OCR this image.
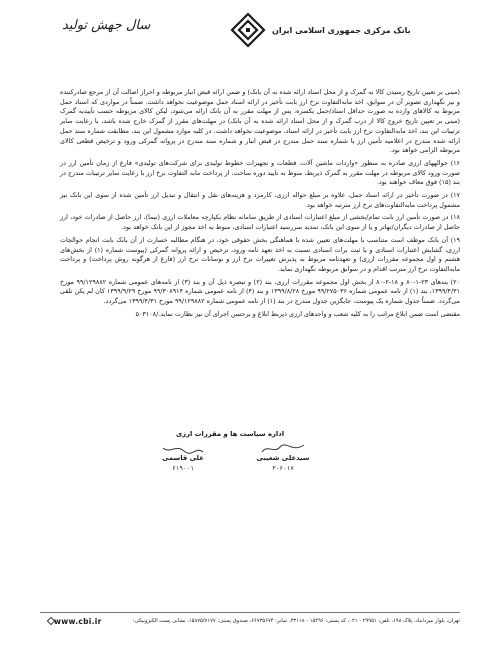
سال جهش تولید	بانک مرکزی جمهوری اسلامی ایران

(مبنی بر تعیین تاریخ رسیدن کالا به گمرک و از محل اسناد ارائه شده به آن بانک) و ضمن ارائه قبض انبار مربوطه و احراز اصالت آن از مرجع صادرکننده و نیز نگهداری تصویر آن در سوابق، اخذ مابه‌التفاوت نرخ ارز بابت تأخیر در ارائه اسناد حمل موضوعیت نخواهد داشت. ضمناً در مواردی که اسناد حمل مربوط به کالاهای وارده به صورت حداقل اسناد/حمل یکسره، پس از مهلت مقرر به آن بانک ارائه می‌شود، لیکن کالای مربوطه حسب تأییدیه گمرک (مبنی بر تعیین تاریخ خروج کالا از درب گمرک و از محل اسناد ارائه شده به آن بانک) در مهلت‌های مقرر از گمرک خارج شده باشد، با رعایت سایر ترتیبات این بند، اخذ مابه‌التفاوت نرخ ارز بابت تأخیر در ارائه اسناد، موضوعیت نخواهد داشت. در کلیه موارد مشمول این بند، مطابقت شماره سند حمل ارائه شده مندرج در اعلامیه تأمین ارز با شماره سند حمل مندرج در قبض انبار و شماره سند مندرج در پروانه گمرکی ورود و ترخیص قطعی کالای مربوطه الزامی خواهد بود.

۱۶) حوالههای ارزی صادره به منظور «واردات ماشین آلات، قطعات و تجهیزات خطوط تولیدی برای شرکت‌های تولیدی» فارغ از زمان تأمین ارز در صورت ورود کالای مربوطه در مهلت مقرر به گمرک ذیربط، منوط به تایید دوره ساخت، از پرداخت مابه التفاوت نرخ ارز با رعایت سایر ترتیبات مندرج در بند (۱۵) فوق معاف خواهند بود.

۱۷) در صورت تأخیر در ارائه اسناد حمل، علاوه بر مبلغ حواله ارزی، کارمزد و هزینه‌های نقل و انتقال و تبدیل ارز تأمین شده از سوی این بانک نیز مشمول پرداخت مابه‌التفاوت‌های نرخ ارز مترتبه خواهد بود.

۱۸) در صورت تأمین ارز بابت تمام/بخشی از مبلغ اعتبارات اسنادی از طریق سامانه نظام یکپارچه معاملات ارزی (نیما)، ارز حاصل از صادرات خود، ارز حاصل از صادرات دیگران/تهاتر و یا از سوی این بانک، تمدید سررسید اعتبارات اسنادی، منوط به اخذ مجوز از این بانک خواهد بود.

۱۹) آن بانک موظف است متناسب با مهلت‌های تعیین شده با هماهنگی بخش حقوقی خود، در هنگام مطالبه خسارت از آن بانک بابت انجام حوالجات ارزی، گشایش اعتبارات اسنادی و یا ثبت برات اسنادی نسبت به اخذ تعهد نامه ورود، ترخیص و ارائه پروانه گمرکی (پیوست شماره (۱) از بخش‌های هشتم و اول مجموعه مقررات ارزی) و تعهدنامه مربوط به پذیرش تغییرات نرخ ارز و نوسانات نرخ ارز (فارغ از هرگونه روش پرداخت) و پرداخت مابه‌التفاوت نرخ ارز مترتب اقدام و در سوابق مربوطه نگهداری نماید.

۲۰) بندهای ۲۳-۱-۸۰ و ۱۸-۲-۸۰ از بخش اول مجموعه مقررات ارزی، بند (۲) و تبصره ذیل آن و بند (۳) از نامه‌های عمومی شماره ۹۹/۱۲۹۸۸۲ مورخ ۱۳۹۹/۴/۳۱، بند (۱) از نامه عمومی شماره ۹۹/۲۷۵۰۳۶ مورخ ۱۳۹۹/۸/۲۸ و بند (۴) از نامه عمومی شماره ۹۹/۳۰۸۹۱۴ مورخ ۱۳۹۹/۹/۲۹ کان لم یکن تلقی می‌گردد. ضمناً جدول شماره یک پیوست، جایگزین جدول مندرج در بند (۱) از نامه عمومی شماره ۹۹/۱۲۹۸۸۲ مورخ ۱۳۹۹/۴/۳۱ می‌گردد.

مقتضی است ضمن ابلاغ مراتب را به کلیه شعب و واحدهای ارزی ذیربط ابلاغ و برحسن اجرای آن نیز نظارت نماید./۵۰۳۱۰۸

اداره سیاست ها و مقررات ارزی
سیدعلی شعیبی
۳-۶۰۱۷
علی قاسمی
۶۱۹۰۰۱
www.cbi.ir	تهران، بلوار میرداماد، پلاک ۱۹۸، تلفن: ۲۹۹۵۱ - ۰۲۱، کد پستی: ۱۵۴۹۶ - ۳۳۱۱۸، نمابر: ۶۶۷۳۵۶۷۴، صندوق پستی: ۱۵۸۷۵/۷۱۷۷، نشانی پست الکترونیکی:
